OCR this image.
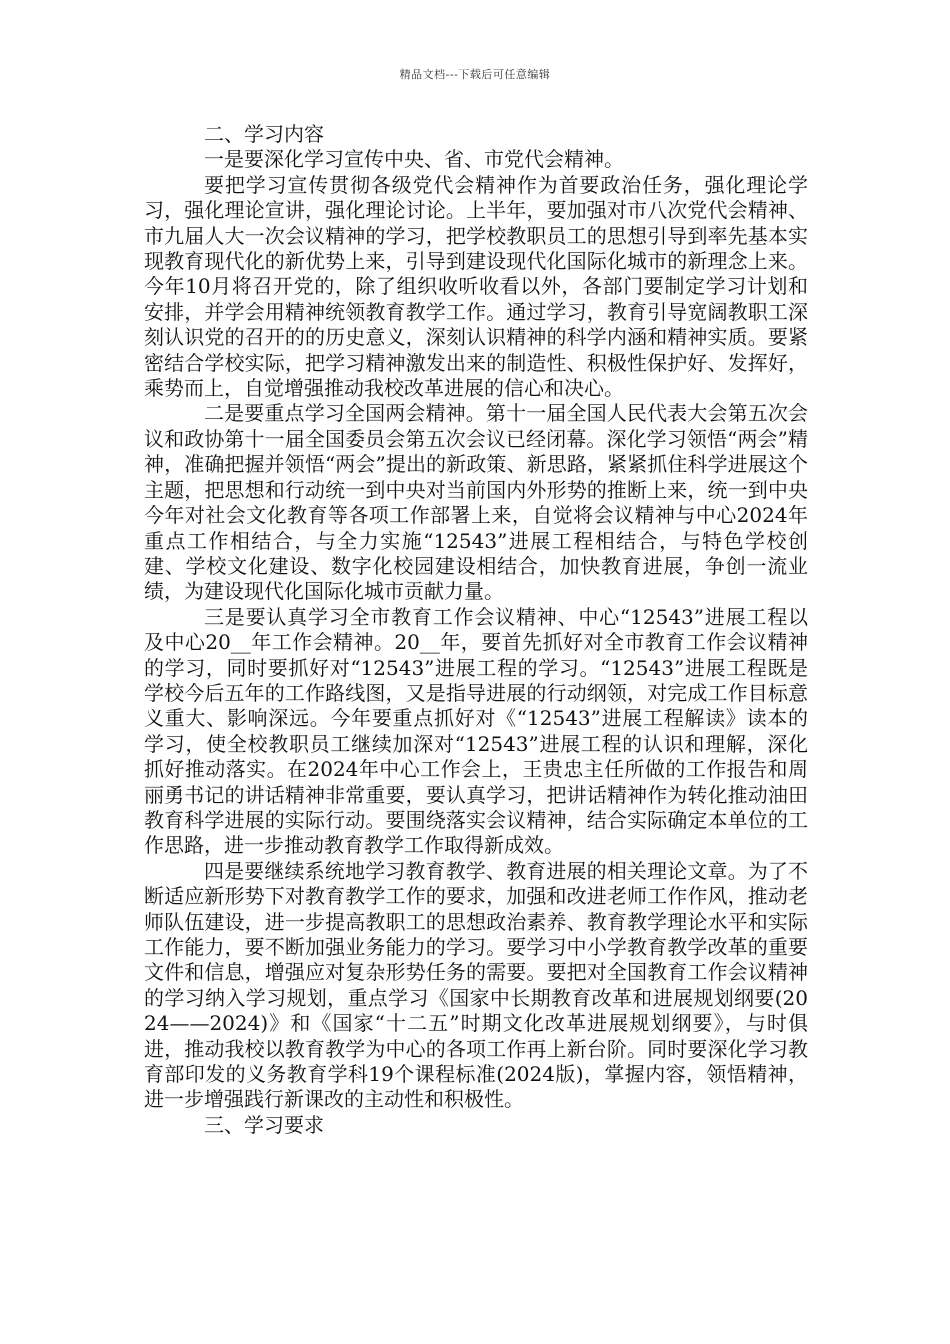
精品文档---下载后可任意编辑

二、学习内容

一是要深化学习宣传中央、省、市党代会精神。

要把学习宣传贯彻各级党代会精神作为首要政治任务，强化理论学习，强化理论宣讲，强化理论讨论。上半年，要加强对市八次党代会精神、市九届人大一次会议精神的学习，把学校教职员工的思想引导到率先基本实现教育现代化的新优势上来，引导到建设现代化国际化城市的新理念上来。今年10月将召开党的，除了组织收听收看以外，各部门要制定学习计划和安排，并学会用精神统领教育教学工作。通过学习，教育引导宽阔教职工深刻认识党的召开的的历史意义，深刻认识精神的科学内涵和精神实质。要紧密结合学校实际，把学习精神激发出来的制造性、积极性保护好、发挥好，乘势而上，自觉增强推动我校改革进展的信心和决心。

二是要重点学习全国两会精神。第十一届全国人民代表大会第五次会议和政协第十一届全国委员会第五次会议已经闭幕。深化学习领悟“两会”精神，准确把握并领悟“两会”提出的新政策、新思路，紧紧抓住科学进展这个主题，把思想和行动统一到中央对当前国内外形势的推断上来，统一到中央今年对社会文化教育等各项工作部署上来，自觉将会议精神与中心2024年重点工作相结合，与全力实施“12543”进展工程相结合，与特色学校创建、学校文化建设、数字化校园建设相结合，加快教育进展，争创一流业绩，为建设现代化国际化城市贡献力量。

三是要认真学习全市教育工作会议精神、中心“12543”进展工程以及中心20__年工作会精神。20__年，要首先抓好对全市教育工作会议精神的学习，同时要抓好对“12543”进展工程的学习。“12543”进展工程既是学校今后五年的工作路线图，又是指导进展的行动纲领，对完成工作目标意义重大、影响深远。今年要重点抓好对《“12543”进展工程解读》读本的学习，使全校教职员工继续加深对“12543”进展工程的认识和理解，深化抓好推动落实。在2024年中心工作会上，王贵忠主任所做的工作报告和周丽勇书记的讲话精神非常重要，要认真学习，把讲话精神作为转化推动油田教育科学进展的实际行动。要围绕落实会议精神，结合实际确定本单位的工作思路，进一步推动教育教学工作取得新成效。

四是要继续系统地学习教育教学、教育进展的相关理论文章。为了不断适应新形势下对教育教学工作的要求，加强和改进老师工作作风，推动老师队伍建设，进一步提高教职工的思想政治素养、教育教学理论水平和实际工作能力，要不断加强业务能力的学习。要学习中小学教育教学改革的重要文件和信息，增强应对复杂形势任务的需要。要把对全国教育工作会议精神的学习纳入学习规划，重点学习《国家中长期教育改革和进展规划纲要(2024——2024)》和《国家“十二五”时期文化改革进展规划纲要》，与时俱进，推动我校以教育教学为中心的各项工作再上新台阶。同时要深化学习教育部印发的义务教育学科19个课程标准(2024版)，掌握内容，领悟精神，进一步增强践行新课改的主动性和积极性。

三、学习要求
